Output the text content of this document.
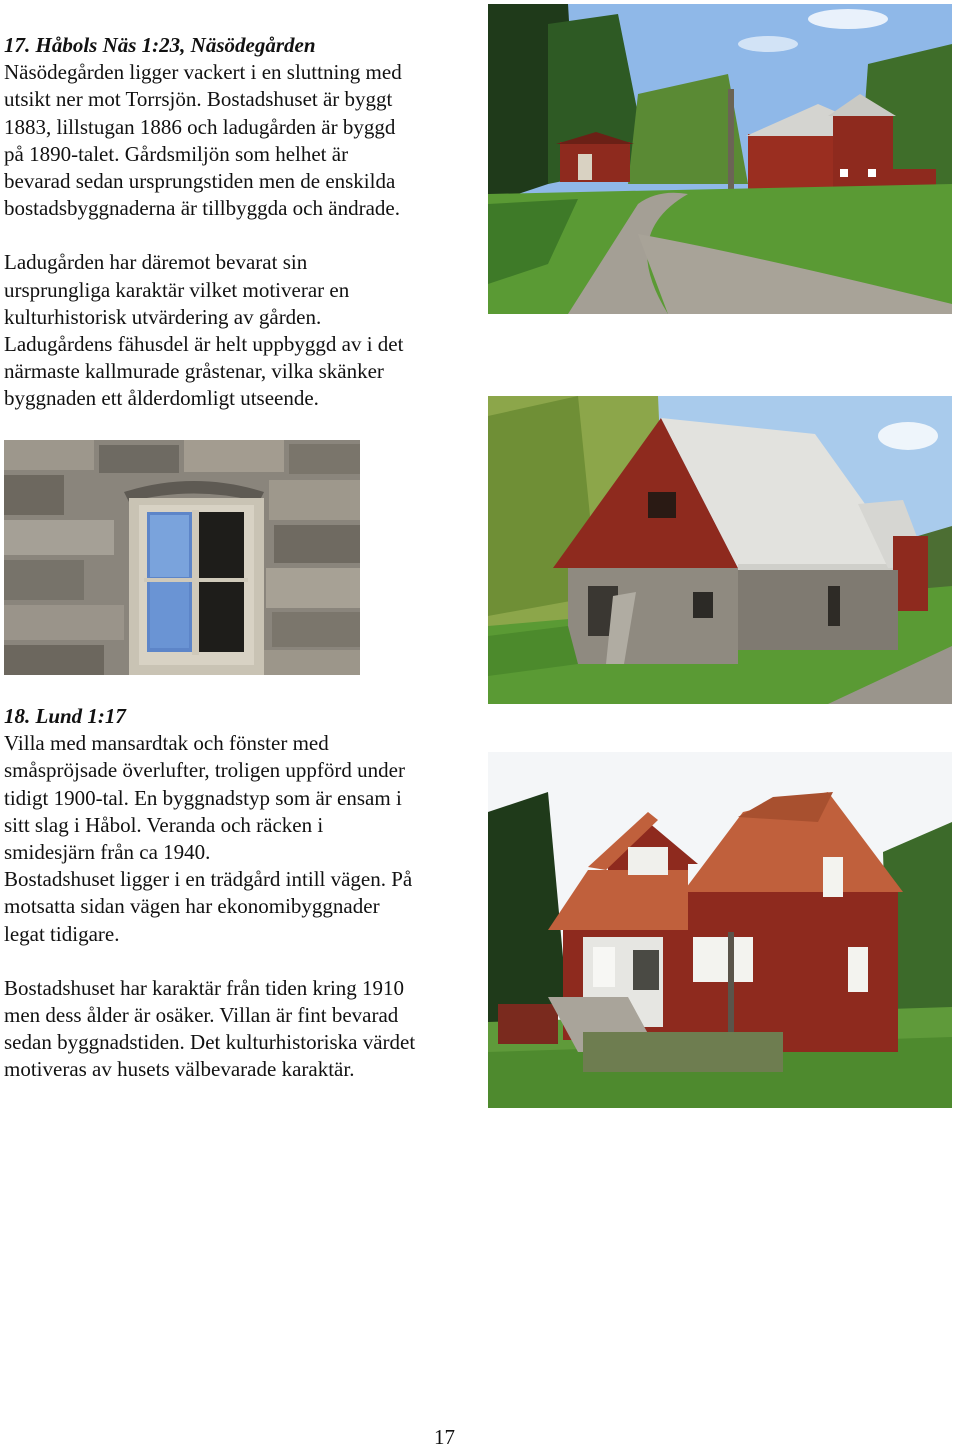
17. Håbols Näs 1:23, Näsödegården

Näsödegården ligger vackert i en sluttning med

utsikt ner mot Torrsjön. Bostadshuset är byggt

1883, lillstugan 1886 och ladugården är byggd

på 1890-talet. Gårdsmiljön som helhet är

bevarad sedan ursprungstiden men de enskilda

bostadsbyggnaderna är tillbyggda och ändrade.

Ladugården har däremot bevarat sin

ursprungliga karaktär vilket motiverar en

kulturhistorisk utvärdering av gården.

Ladugårdens fähusdel är helt uppbyggd av i det

närmaste kallmurade gråstenar, vilka skänker

byggnaden ett ålderdomligt utseende.

18. Lund 1:17

Villa med mansardtak och fönster med

småspröjsade överlufter, troligen uppförd under

tidigt 1900-tal. En byggnadstyp som är ensam i

sitt slag i Håbol. Veranda och räcken i

smidesjärn från ca 1940.

Bostadshuset ligger i en trädgård intill vägen. På

motsatta sidan vägen har ekonomibyggnader

legat tidigare.

Bostadshuset har karaktär från tiden kring 1910

men dess ålder är osäker. Villan är fint bevarad

sedan byggnadstiden. Det kulturhistoriska värdet

motiveras av husets välbevarade karaktär.

17
